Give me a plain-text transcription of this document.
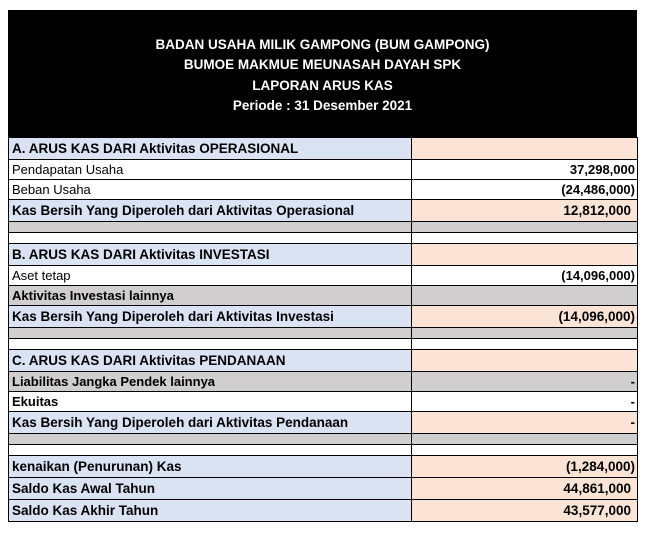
BADAN USAHA MILIK GAMPONG (BUM GAMPONG)
BUMOE MAKMUE MEUNASAH DAYAH SPK
LAPORAN ARUS KAS
Periode : 31 Desember 2021
A. ARUS KAS DARI Aktivitas OPERASIONAL	
Pendapatan Usaha	37,298,000
Beban Usaha	(24,486,000)
Kas Bersih Yang Diperoleh dari Aktivitas Operasional	12,812,000

B. ARUS KAS DARI Aktivitas INVESTASI	
Aset tetap	(14,096,000)
Aktivitas Investasi lainnya	
Kas Bersih Yang Diperoleh dari Aktivitas Investasi	(14,096,000)

C. ARUS KAS DARI Aktivitas PENDANAAN	
Liabilitas Jangka Pendek lainnya	-
Ekuitas	-
Kas Bersih Yang Diperoleh dari Aktivitas Pendanaan	-

kenaikan (Penurunan) Kas	(1,284,000)
Saldo Kas Awal Tahun	44,861,000
Saldo Kas Akhir Tahun	43,577,000
